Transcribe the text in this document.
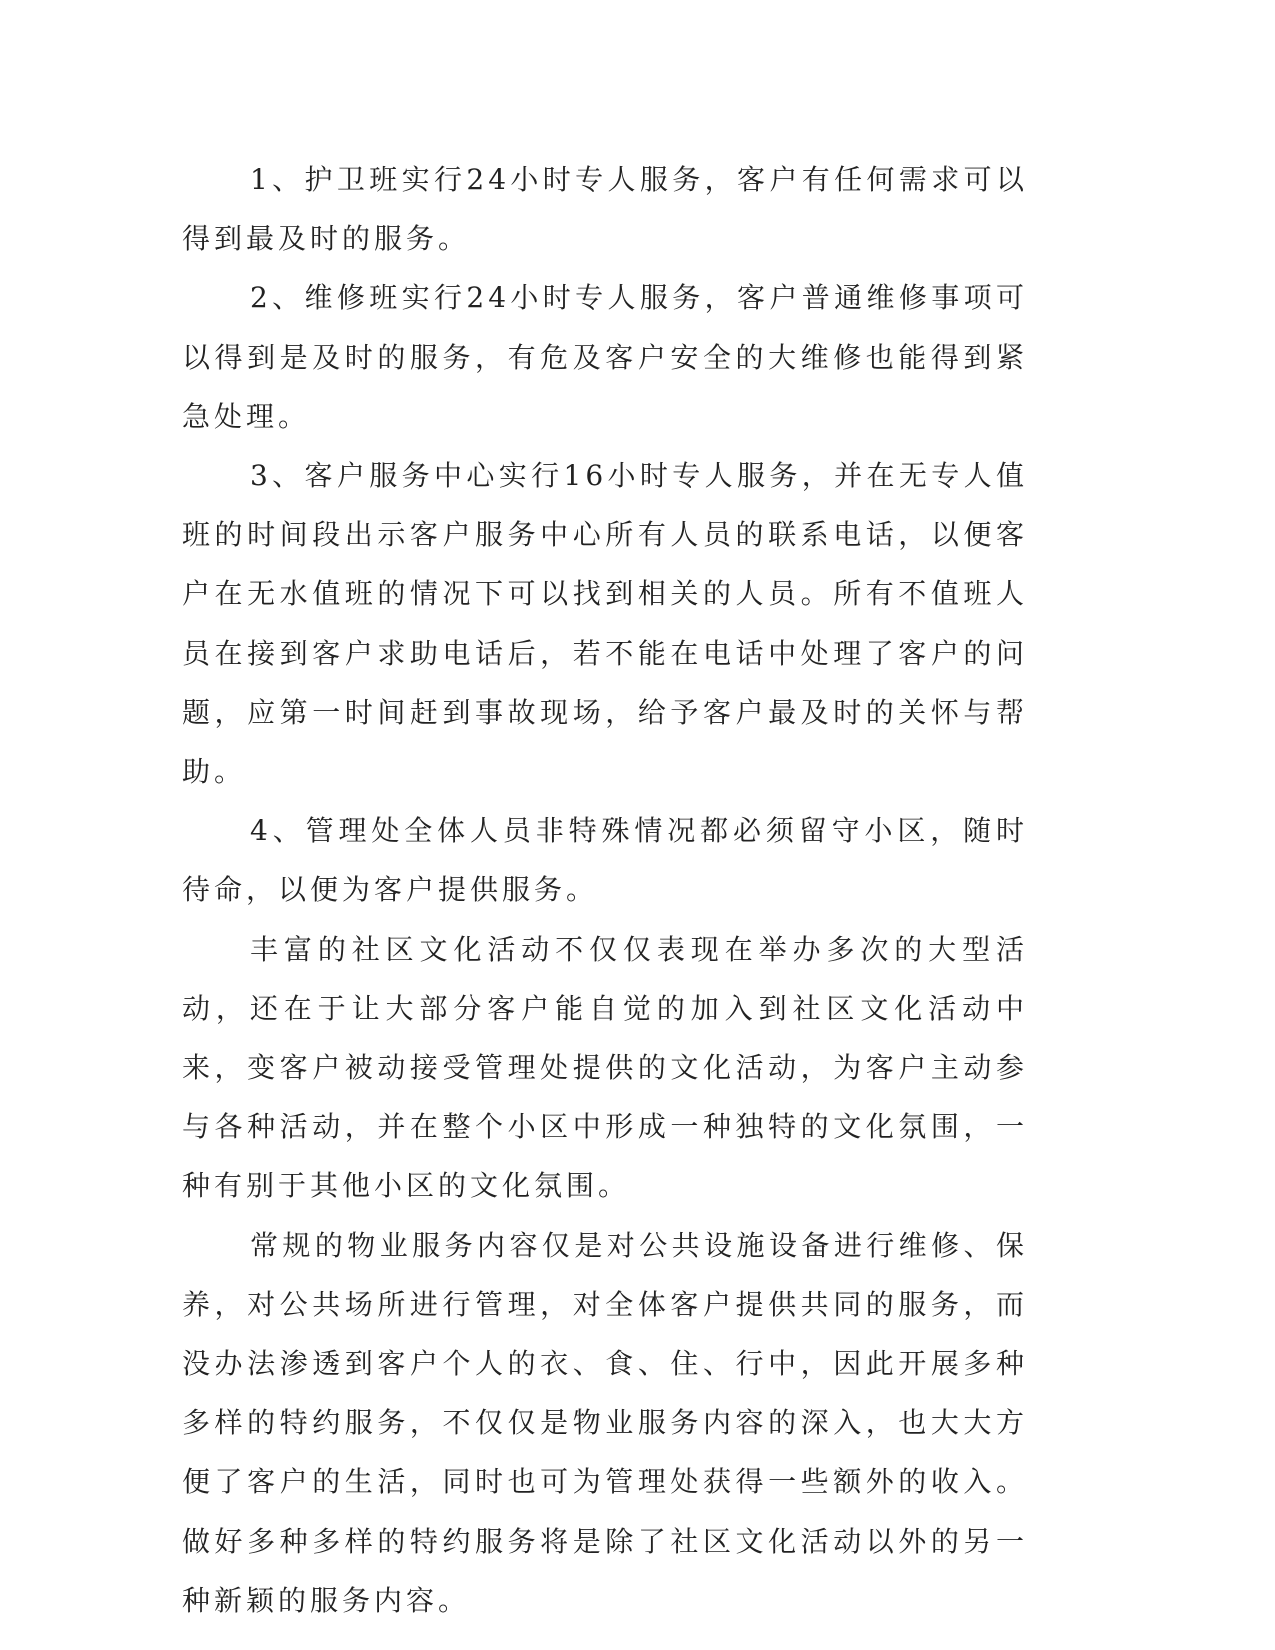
1、护卫班实行24小时专人服务，客户有任何需求可以得到最及时的服务。

2、维修班实行24小时专人服务，客户普通维修事项可以得到是及时的服务，有危及客户安全的大维修也能得到紧急处理。

3、客户服务中心实行16小时专人服务，并在无专人值班的时间段出示客户服务中心所有人员的联系电话，以便客户在无水值班的情况下可以找到相关的人员。所有不值班人员在接到客户求助电话后，若不能在电话中处理了客户的问题，应第一时间赶到事故现场，给予客户最及时的关怀与帮助。

4、管理处全体人员非特殊情况都必须留守小区，随时待命，以便为客户提供服务。

丰富的社区文化活动不仅仅表现在举办多次的大型活动，还在于让大部分客户能自觉的加入到社区文化活动中来，变客户被动接受管理处提供的文化活动，为客户主动参与各种活动，并在整个小区中形成一种独特的文化氛围，一种有别于其他小区的文化氛围。

常规的物业服务内容仅是对公共设施设备进行维修、保养，对公共场所进行管理，对全体客户提供共同的服务，而没办法渗透到客户个人的衣、食、住、行中，因此开展多种多样的特约服务，不仅仅是物业服务内容的深入，也大大方便了客户的生活，同时也可为管理处获得一些额外的收入。做好多种多样的特约服务将是除了社区文化活动以外的另一种新颖的服务内容。
